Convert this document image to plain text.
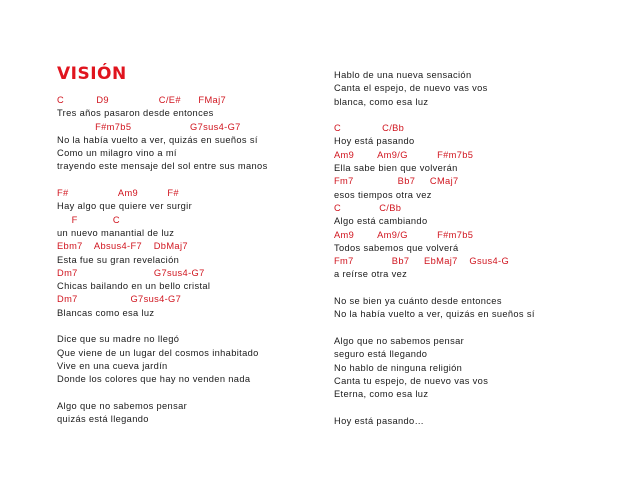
VISIÓN
C           D9                 C/E#      FMaj7
Tres años pasaron desde entonces
F#m7b5                    G7sus4-G7
No la había vuelto a ver, quizás en sueños sí
Como un milagro vino a mí
trayendo este mensaje del sol entre sus manos
F#                 Am9          F#
Hay algo que quiere ver surgir
F            C
un nuevo manantial de luz
Ebm7    Absus4-F7    DbMaj7
Esta fue su gran revelación
Dm7                          G7sus4-G7
Chicas bailando en un bello cristal
Dm7                  G7sus4-G7
Blancas como esa luz
Dice que su madre no llegó
Que viene de un lugar del cosmos inhabitado
Vive en una cueva jardín
Donde los colores que hay no venden nada
Algo que no sabemos pensar
quizás está llegando
Hablo de una nueva sensación
Canta el espejo, de nuevo vas vos
blanca, como esa luz
C              C/Bb
Hoy está pasando
Am9        Am9/G          F#m7b5
Ella sabe bien que volverán
Fm7               Bb7     CMaj7
esos tiempos otra vez
C             C/Bb
Algo está cambiando
Am9        Am9/G          F#m7b5
Todos sabemos que volverá
Fm7             Bb7     EbMaj7    Gsus4-G
a reírse otra vez
No se bien ya cuánto desde entonces
No la había vuelto a ver, quizás en sueños sí
Algo que no sabemos pensar
seguro está llegando
No hablo de ninguna religión
Canta tu espejo, de nuevo vas vos
Eterna, como esa luz
Hoy está pasando…
